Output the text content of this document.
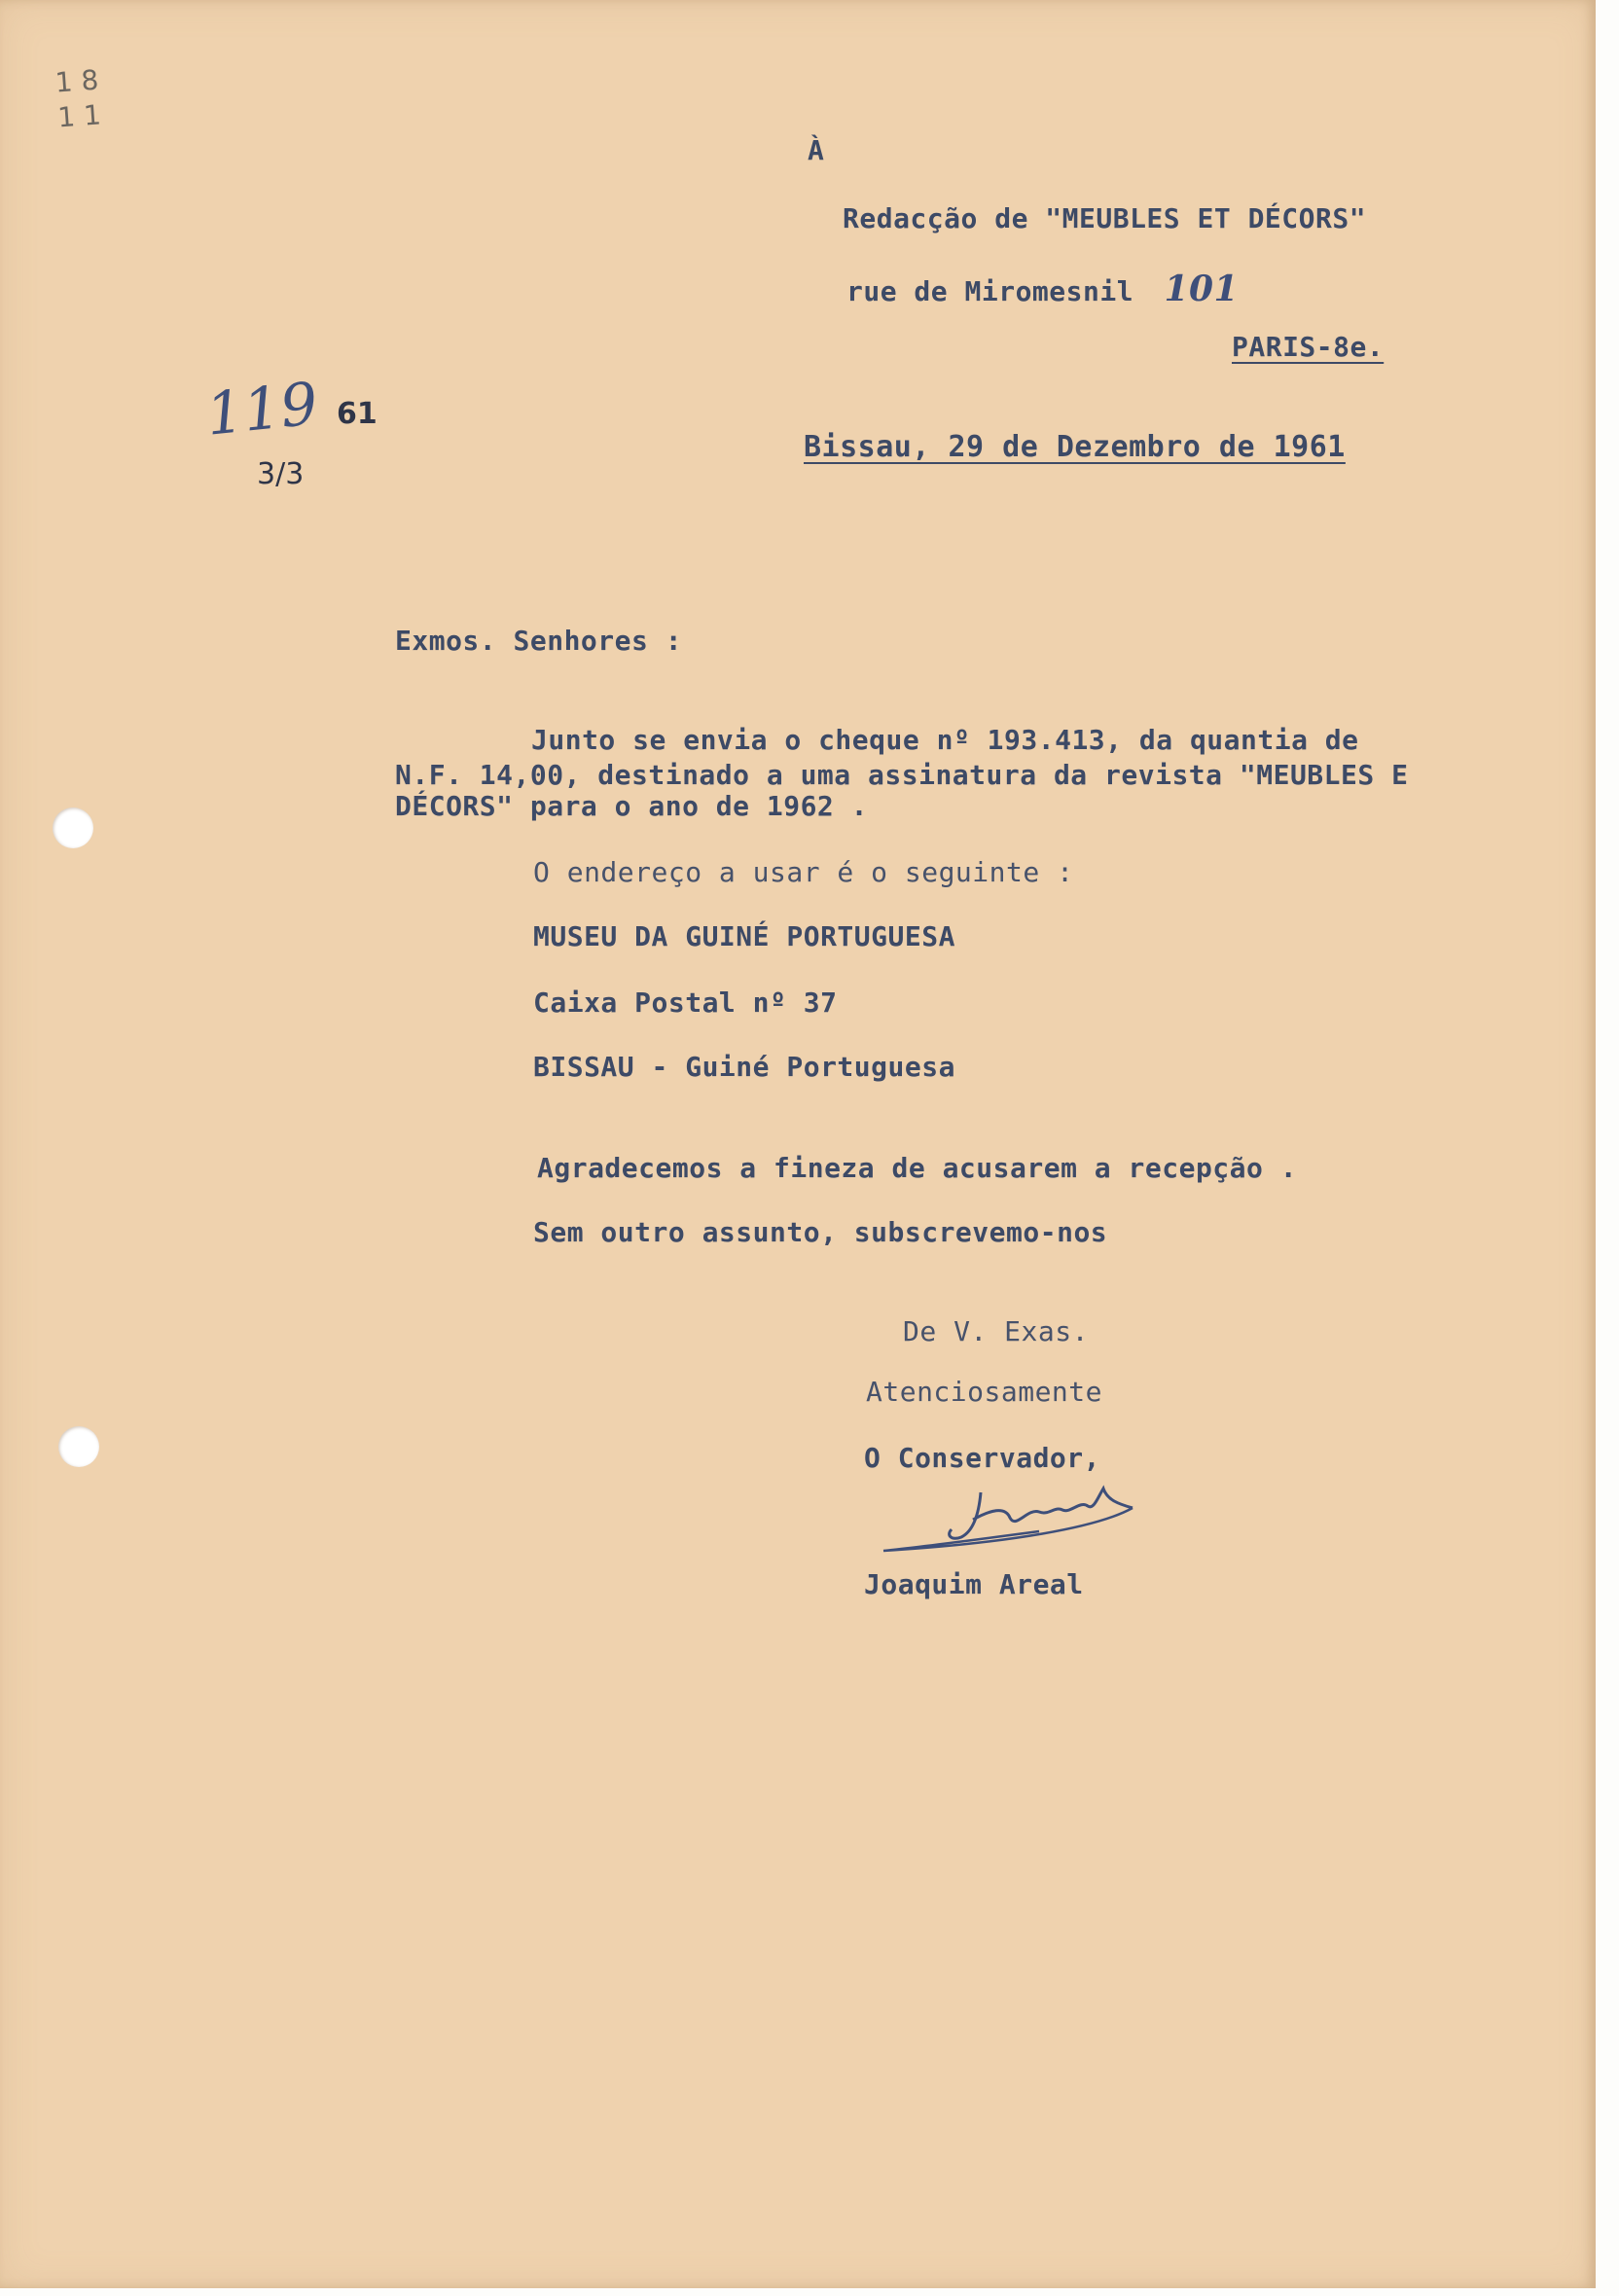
1 8
1 1
119 61
3/3
À
Redacção de "MEUBLES ET DÉCORS"
rue de Miromesnil 101
PARIS-8e.
Bissau, 29 de Dezembro de 1961
Exmos. Senhores :
Junto se envia o cheque nº 193.413, da quantia de
N.F. 14,00, destinado a uma assinatura da revista "MEUBLES E
DÉCORS" para o ano de 1962 .
O endereço a usar é o seguinte :
MUSEU DA GUINÉ PORTUGUESA
Caixa Postal nº 37
BISSAU - Guiné Portuguesa
Agradecemos a fineza de acusarem a recepção .
Sem outro assunto, subscrevemo-nos
De V. Exas.
Atenciosamente
O Conservador,
Joaquim Areal
